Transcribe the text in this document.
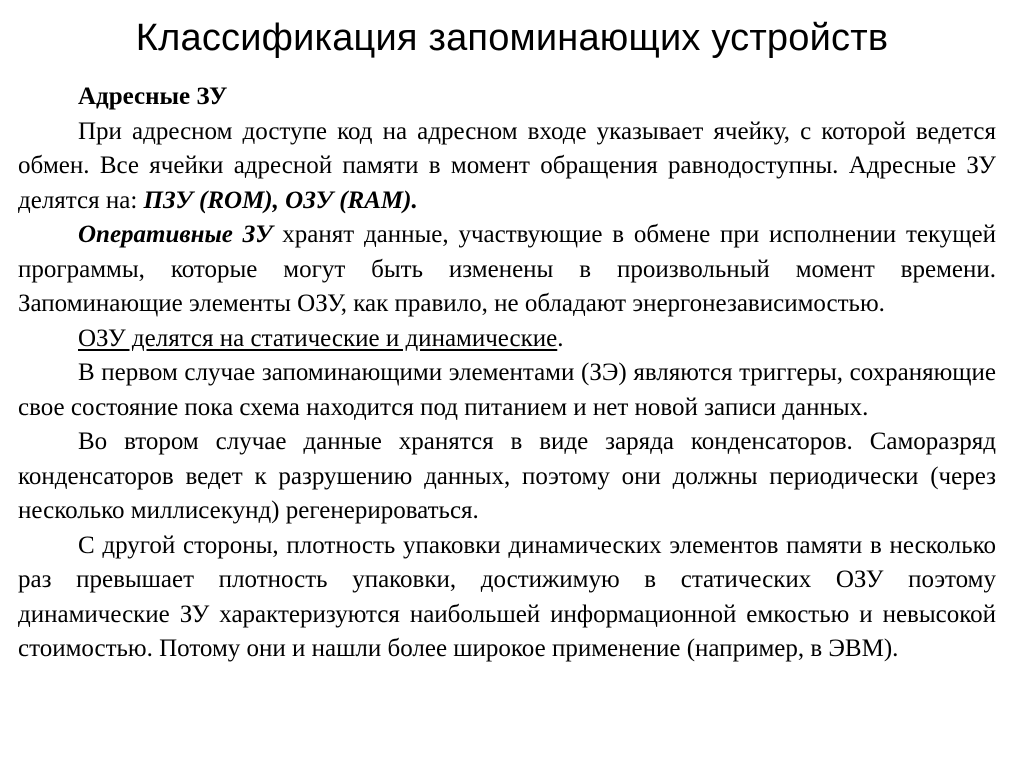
Классификация запоминающих устройств

Адресные ЗУ

При адресном доступе код на адресном входе указывает ячейку, с которой ведется обмен. Все ячейки адресной памяти в момент обращения равнодоступны. Адресные ЗУ делятся на: ПЗУ (ROM), ОЗУ (RAM).

Оперативные ЗУ хранят данные, участвующие в обмене при исполнении текущей программы, которые могут быть изменены в произвольный момент времени. Запоминающие элементы ОЗУ, как правило, не обладают энергонезависимостью.

ОЗУ делятся на статические и динамические.

В первом случае запоминающими элементами (ЗЭ) являются триггеры, сохраняющие свое состояние пока схема находится под питанием и нет новой записи данных.

Во втором случае данные хранятся в виде заряда конденсаторов. Саморазряд конденсаторов ведет к разрушению данных, поэтому они должны периодически (через несколько миллисекунд) регенерироваться.

С другой стороны, плотность упаковки динамических элементов памяти в несколько раз превышает плотность упаковки, достижимую в статических ОЗУ поэтому динамические ЗУ характеризуются наибольшей информационной емкостью и невысокой стоимостью. Потому они и нашли более широкое применение (например, в ЭВМ).
